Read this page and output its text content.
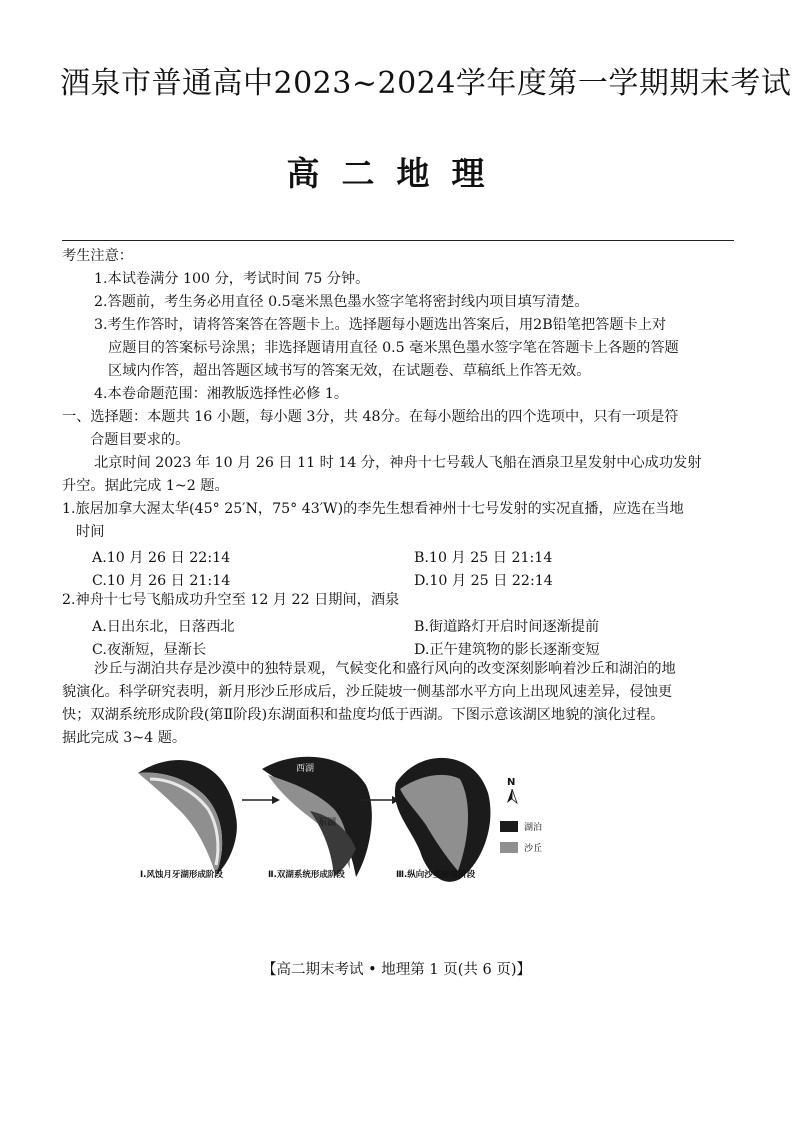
酒泉市普通高中2023~2024学年度第一学期期末考试
高二地理
考生注意：
1.本试卷满分 100 分，考试时间 75 分钟。
2.答题前，考生务必用直径 0.5毫米黑色墨水签字笔将密封线内项目填写清楚。
3.考生作答时，请将答案答在答题卡上。选择题每小题选出答案后，用2B铅笔把答题卡上对
应题目的答案标号涂黑；非选择题请用直径 0.5 毫米黑色墨水签字笔在答题卡上各题的答题
区域内作答，超出答题区域书写的答案无效，在试题卷、草稿纸上作答无效。
4.本卷命题范围：湘教版选择性必修 1。
一、选择题：本题共 16 小题，每小题 3分，共 48分。在每小题给出的四个选项中，只有一项是符
合题目要求的。
北京时间 2023 年 10 月 26 日 11 时 14 分，神舟十七号载人飞船在酒泉卫星发射中心成功发射
升空。据此完成 1~2 题。
1.旅居加拿大渥太华(45° 25′N，75° 43′W)的李先生想看神州十七号发射的实况直播，应选在当地
时间
A.10 月 26 日 22:14	B.10 月 25 日 21:14
C.10 月 26 日 21:14	D.10 月 25 日 22:14
2.神舟十七号飞船成功升空至 12 月 22 日期间，酒泉
A.日出东北，日落西北	B.街道路灯开启时间逐渐提前
C.夜渐短，昼渐长	D.正午建筑物的影长逐渐变短
沙丘与湖泊共存是沙漠中的独特景观，气候变化和盛行风向的改变深刻影响着沙丘和湖泊的地
貌演化。科学研究表明，新月形沙丘形成后，沙丘陡坡一侧基部水平方向上出现风速差异，侵蚀更
快；双湖系统形成阶段(第Ⅱ阶段)东湖面积和盐度均低于西湖。下图示意该湖区地貌的演化过程。
据此完成 3~4 题。
西湖
东湖
N
湖泊
沙丘
Ⅰ.风蚀月牙湖形成阶段	Ⅱ.双湖系统形成阶段	Ⅲ.纵向沙垄形成阶段
【高二期末考试 • 地理第 1 页(共 6 页)】
